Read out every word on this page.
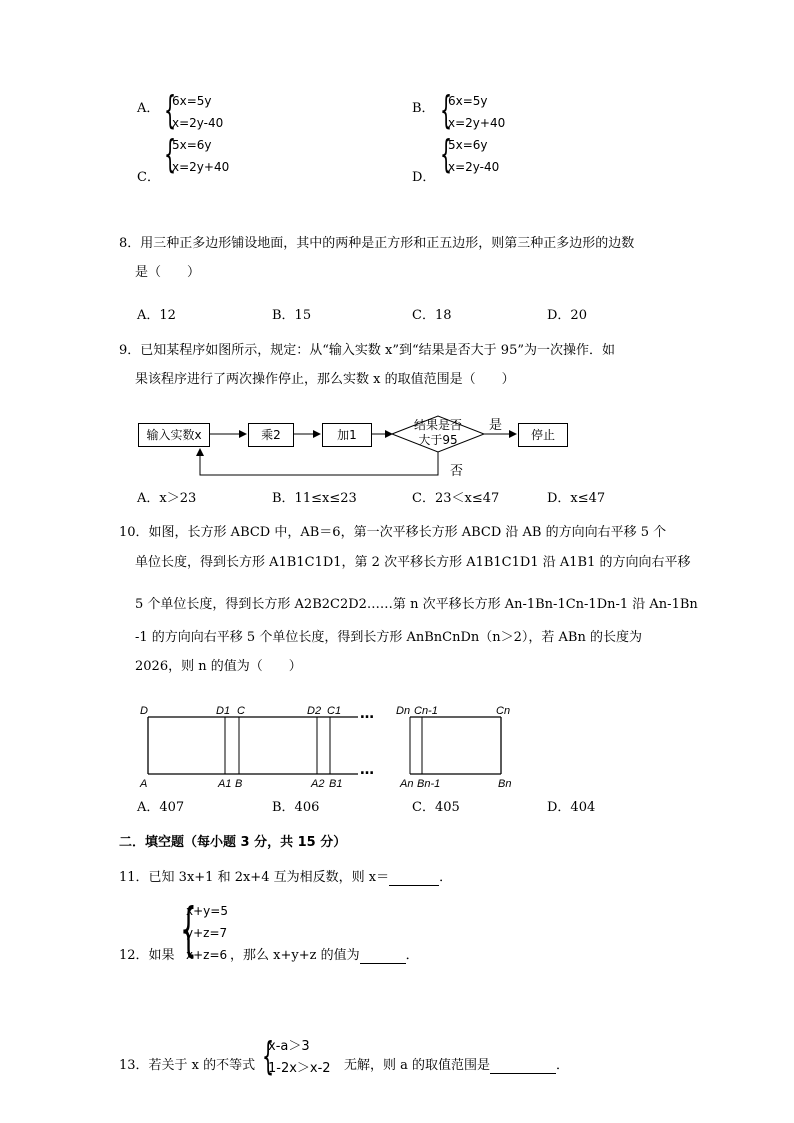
A． {
6x=5y
x=2y-40
B． {
6x=5y
x=2y+40
C．
{
5x=6y
x=2y+40
D．
{
5x=6y
x=2y-40
8．用三种正多边形铺设地面，其中的两种是正方形和正五边形，则第三种正多边形的边数
是（　　）
A．12	B．15	C．18	D．20
9．已知某程序如图所示，规定：从“输入实数 x”到“结果是否大于 95”为一次操作．如
果该程序进行了两次操作停止，那么实数 x 的取值范围是（　　）
输入实数x	乘2	加1
结果是否
大于95	停止
是
否
A．x＞23	B．11≤x≤23	C．23＜x≤47	D．x≤47
10．如图，长方形 ABCD 中，AB＝6，第一次平移长方形 ABCD 沿 AB 的方向向右平移 5 个
单位长度，得到长方形 A1B1C1D1，第 2 次平移长方形 A1B1C1D1 沿 A1B1 的方向向右平移
5 个单位长度，得到长方形 A2B2C2D2……第 n 次平移长方形 An-1Bn-1Cn-1Dn-1 沿 An-1Bn
-1 的方向向右平移 5 个单位长度，得到长方形 AnBnCnDn（n＞2），若 ABn 的长度为
2026，则 n 的值为（　　）
…
…
D	D1 C	D2 C1	Dn Cn-1	Cn
A	A1 B	A2 B1	An Bn-1	Bn
A．407	B．406	C．405	D．404
二．填空题（每小题 3 分，共 15 分）
11．已知 3x+1 和 2x+4 互为相反数，则 x＝	．
{
x+y=5
y+z=7
x+z=6
12．如果	，那么 x+y+z 的值为	．
13．若关于 x 的不等式 {
x-a＞3
1-2x＞x-2 无解，则 a 的取值范围是	．
